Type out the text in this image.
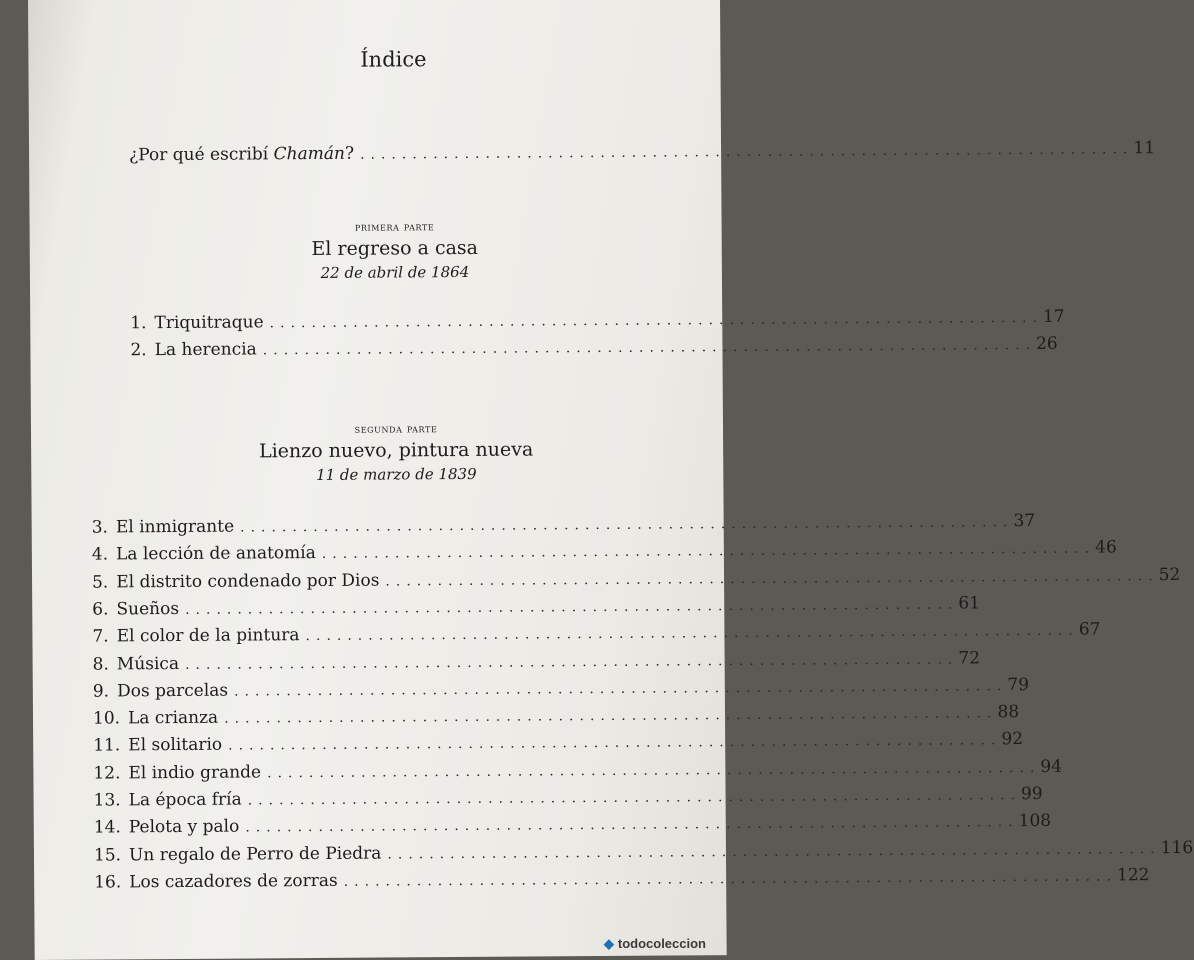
Índice
¿Por qué escribí Chamán? .......................................................................... 11
primera parte
El regreso a casa
22 de abril de 1864
1. Triquitraque .......................................................................... 17
2. La herencia .......................................................................... 26
segunda parte
Lienzo nuevo, pintura nueva
11 de marzo de 1839
3. El inmigrante .......................................................................... 37
4. La lección de anatomía .......................................................................... 46
5. El distrito condenado por Dios .......................................................................... 52
6. Sueños .......................................................................... 61
7. El color de la pintura .......................................................................... 67
8. Música .......................................................................... 72
9. Dos parcelas .......................................................................... 79
10. La crianza .......................................................................... 88
11. El solitario .......................................................................... 92
12. El indio grande .......................................................................... 94
13. La época fría .......................................................................... 99
14. Pelota y palo .......................................................................... 108
15. Un regalo de Perro de Piedra .......................................................................... 116
16. Los cazadores de zorras .......................................................................... 122
◆ todocoleccion
